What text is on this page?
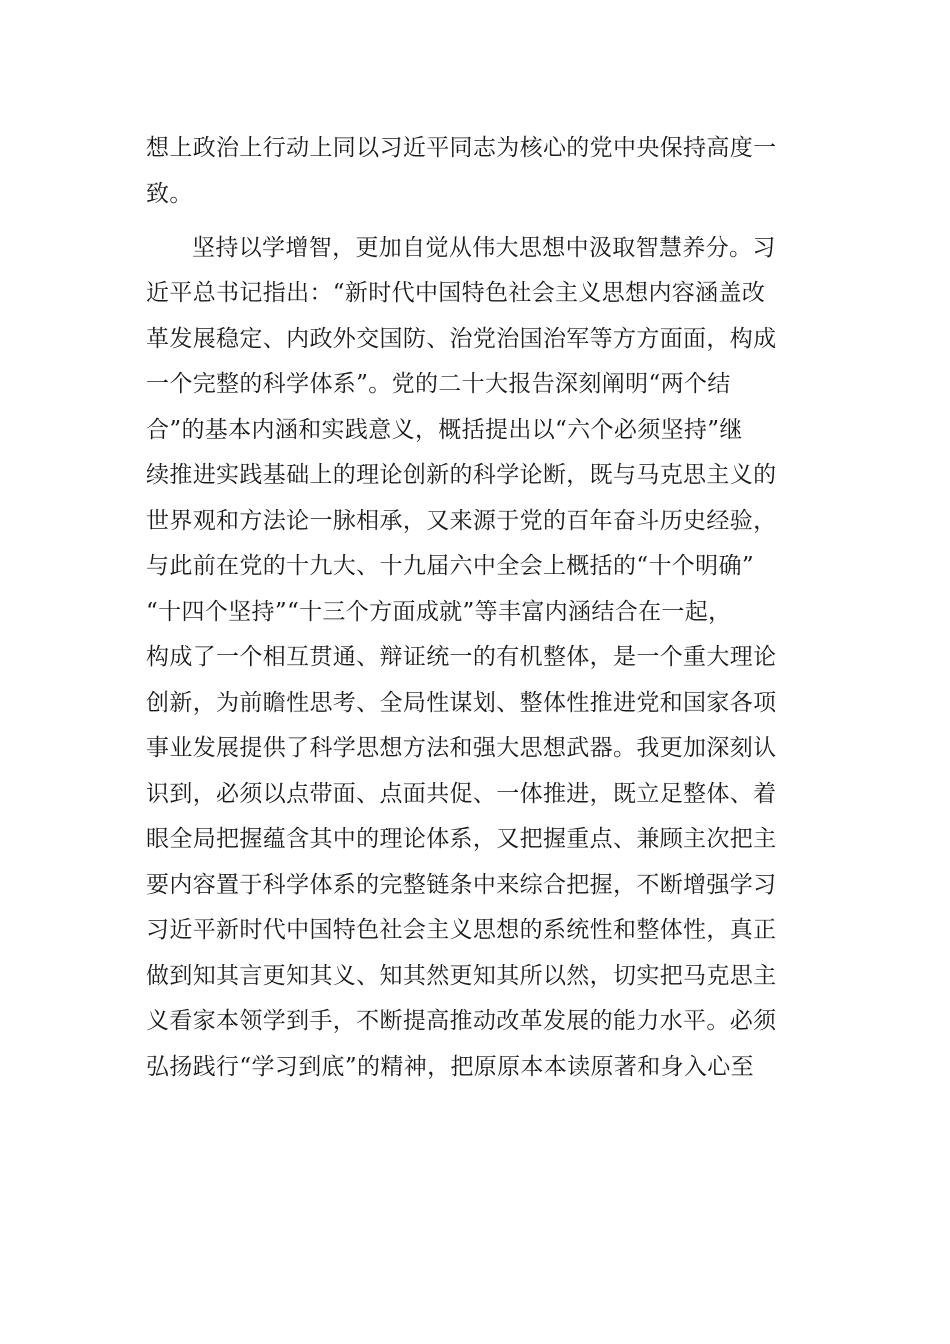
想上政治上行动上同以习近平同志为核心的党中央保持高度一
致。
坚持以学增智，更加自觉从伟大思想中汲取智慧养分。习
近平总书记指出：“新时代中国特色社会主义思想内容涵盖改
革发展稳定、内政外交国防、治党治国治军等方方面面，构成
一个完整的科学体系”。党的二十大报告深刻阐明“两个结
合”的基本内涵和实践意义，概括提出以“六个必须坚持”继
续推进实践基础上的理论创新的科学论断，既与马克思主义的
世界观和方法论一脉相承，又来源于党的百年奋斗历史经验，
与此前在党的十九大、十九届六中全会上概括的“十个明确”
“十四个坚持”“十三个方面成就”等丰富内涵结合在一起，
构成了一个相互贯通、辩证统一的有机整体，是一个重大理论
创新，为前瞻性思考、全局性谋划、整体性推进党和国家各项
事业发展提供了科学思想方法和强大思想武器。我更加深刻认
识到，必须以点带面、点面共促、一体推进，既立足整体、着
眼全局把握蕴含其中的理论体系，又把握重点、兼顾主次把主
要内容置于科学体系的完整链条中来综合把握，不断增强学习
习近平新时代中国特色社会主义思想的系统性和整体性，真正
做到知其言更知其义、知其然更知其所以然，切实把马克思主
义看家本领学到手，不断提高推动改革发展的能力水平。必须
弘扬践行“学习到底”的精神，把原原本本读原著和身入心至
